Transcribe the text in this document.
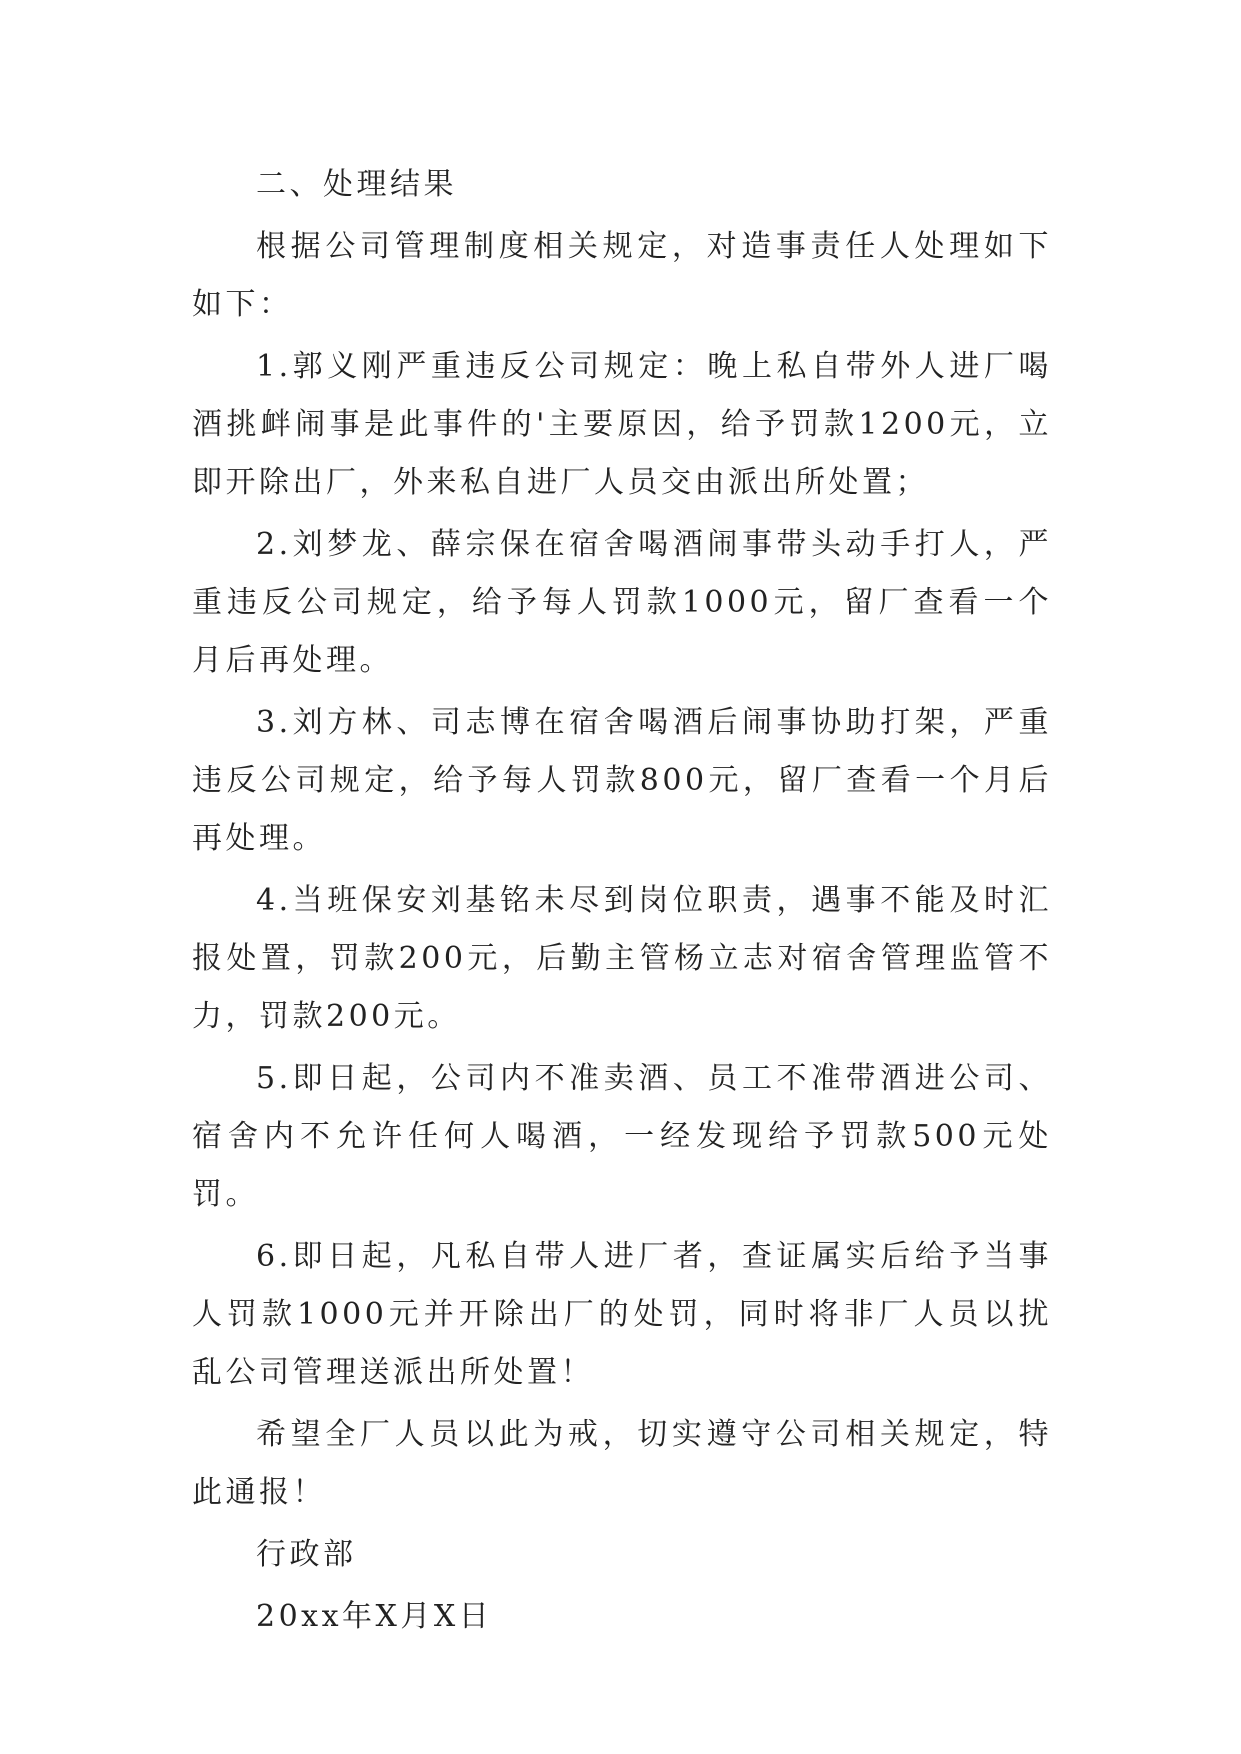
二、处理结果

根据公司管理制度相关规定，对造事责任人处理如下如下：

1.郭义刚严重违反公司规定：晚上私自带外人进厂喝酒挑衅闹事是此事件的'主要原因，给予罚款1200元，立即开除出厂，外来私自进厂人员交由派出所处置；

2.刘梦龙、薛宗保在宿舍喝酒闹事带头动手打人，严重违反公司规定，给予每人罚款1000元，留厂查看一个月后再处理。

3.刘方林、司志博在宿舍喝酒后闹事协助打架，严重违反公司规定，给予每人罚款800元，留厂查看一个月后再处理。

4.当班保安刘基铭未尽到岗位职责，遇事不能及时汇报处置，罚款200元，后勤主管杨立志对宿舍管理监管不力，罚款200元。

5.即日起，公司内不准卖酒、员工不准带酒进公司、宿舍内不允许任何人喝酒，一经发现给予罚款500元处罚。

6.即日起，凡私自带人进厂者，查证属实后给予当事人罚款1000元并开除出厂的处罚，同时将非厂人员以扰乱公司管理送派出所处置！

希望全厂人员以此为戒，切实遵守公司相关规定，特此通报！

行政部
20xx年X月X日
